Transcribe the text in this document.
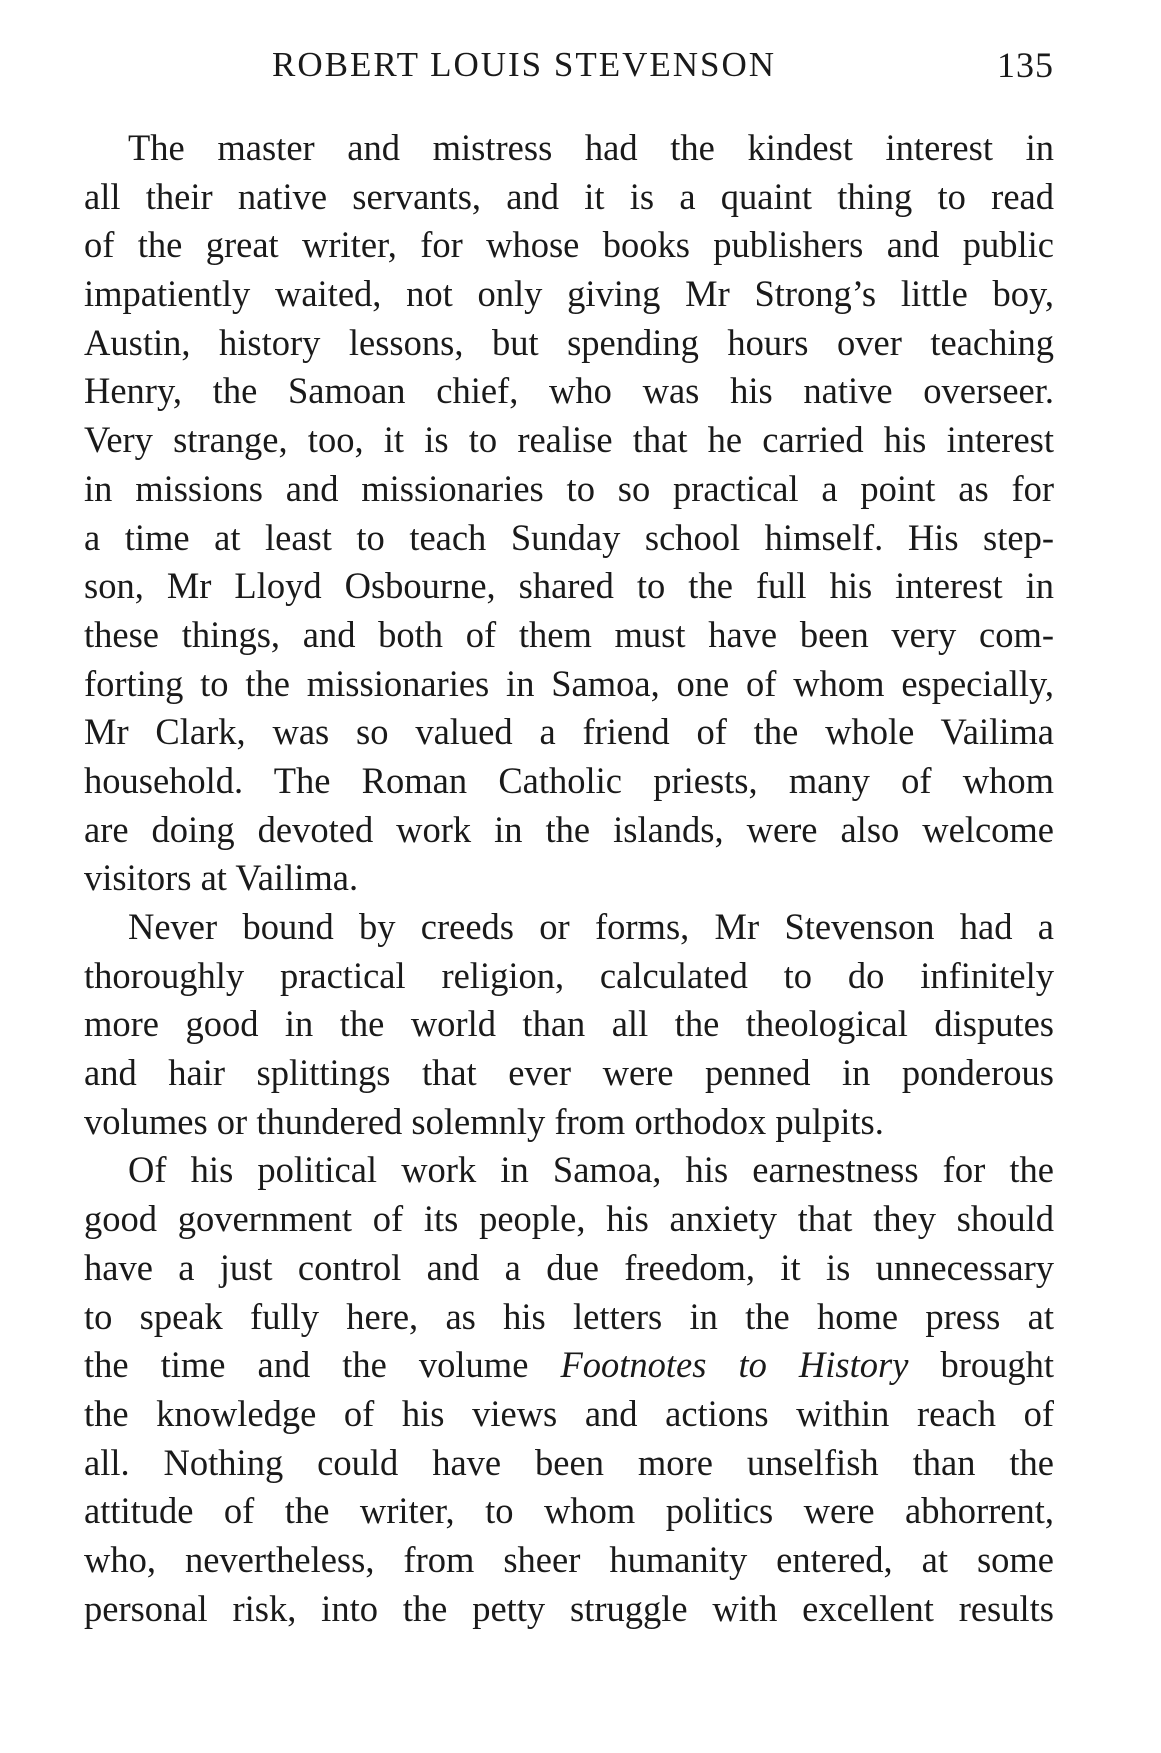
ROBERT LOUIS STEVENSON	135

The master and mistress had the kindest interest in
all their native servants, and it is a quaint thing to read
of the great writer, for whose books publishers and public
impatiently waited, not only giving Mr Strong’s little boy,
Austin, history lessons, but spending hours over teaching
Henry, the Samoan chief, who was his native overseer.
Very strange, too, it is to realise that he carried his interest
in missions and missionaries to so practical a point as for
a time at least to teach Sunday school himself. His step-
son, Mr Lloyd Osbourne, shared to the full his interest in
these things, and both of them must have been very com-
forting to the missionaries in Samoa, one of whom especially,
Mr Clark, was so valued a friend of the whole Vailima
household. The Roman Catholic priests, many of whom
are doing devoted work in the islands, were also welcome
visitors at Vailima.

Never bound by creeds or forms, Mr Stevenson had a
thoroughly practical religion, calculated to do infinitely
more good in the world than all the theological disputes
and hair splittings that ever were penned in ponderous
volumes or thundered solemnly from orthodox pulpits.

Of his political work in Samoa, his earnestness for the
good government of its people, his anxiety that they should
have a just control and a due freedom, it is unnecessary
to speak fully here, as his letters in the home press at
the time and the volume Footnotes to History brought
the knowledge of his views and actions within reach of
all. Nothing could have been more unselfish than the
attitude of the writer, to whom politics were abhorrent,
who, nevertheless, from sheer humanity entered, at some
personal risk, into the petty struggle with excellent results
